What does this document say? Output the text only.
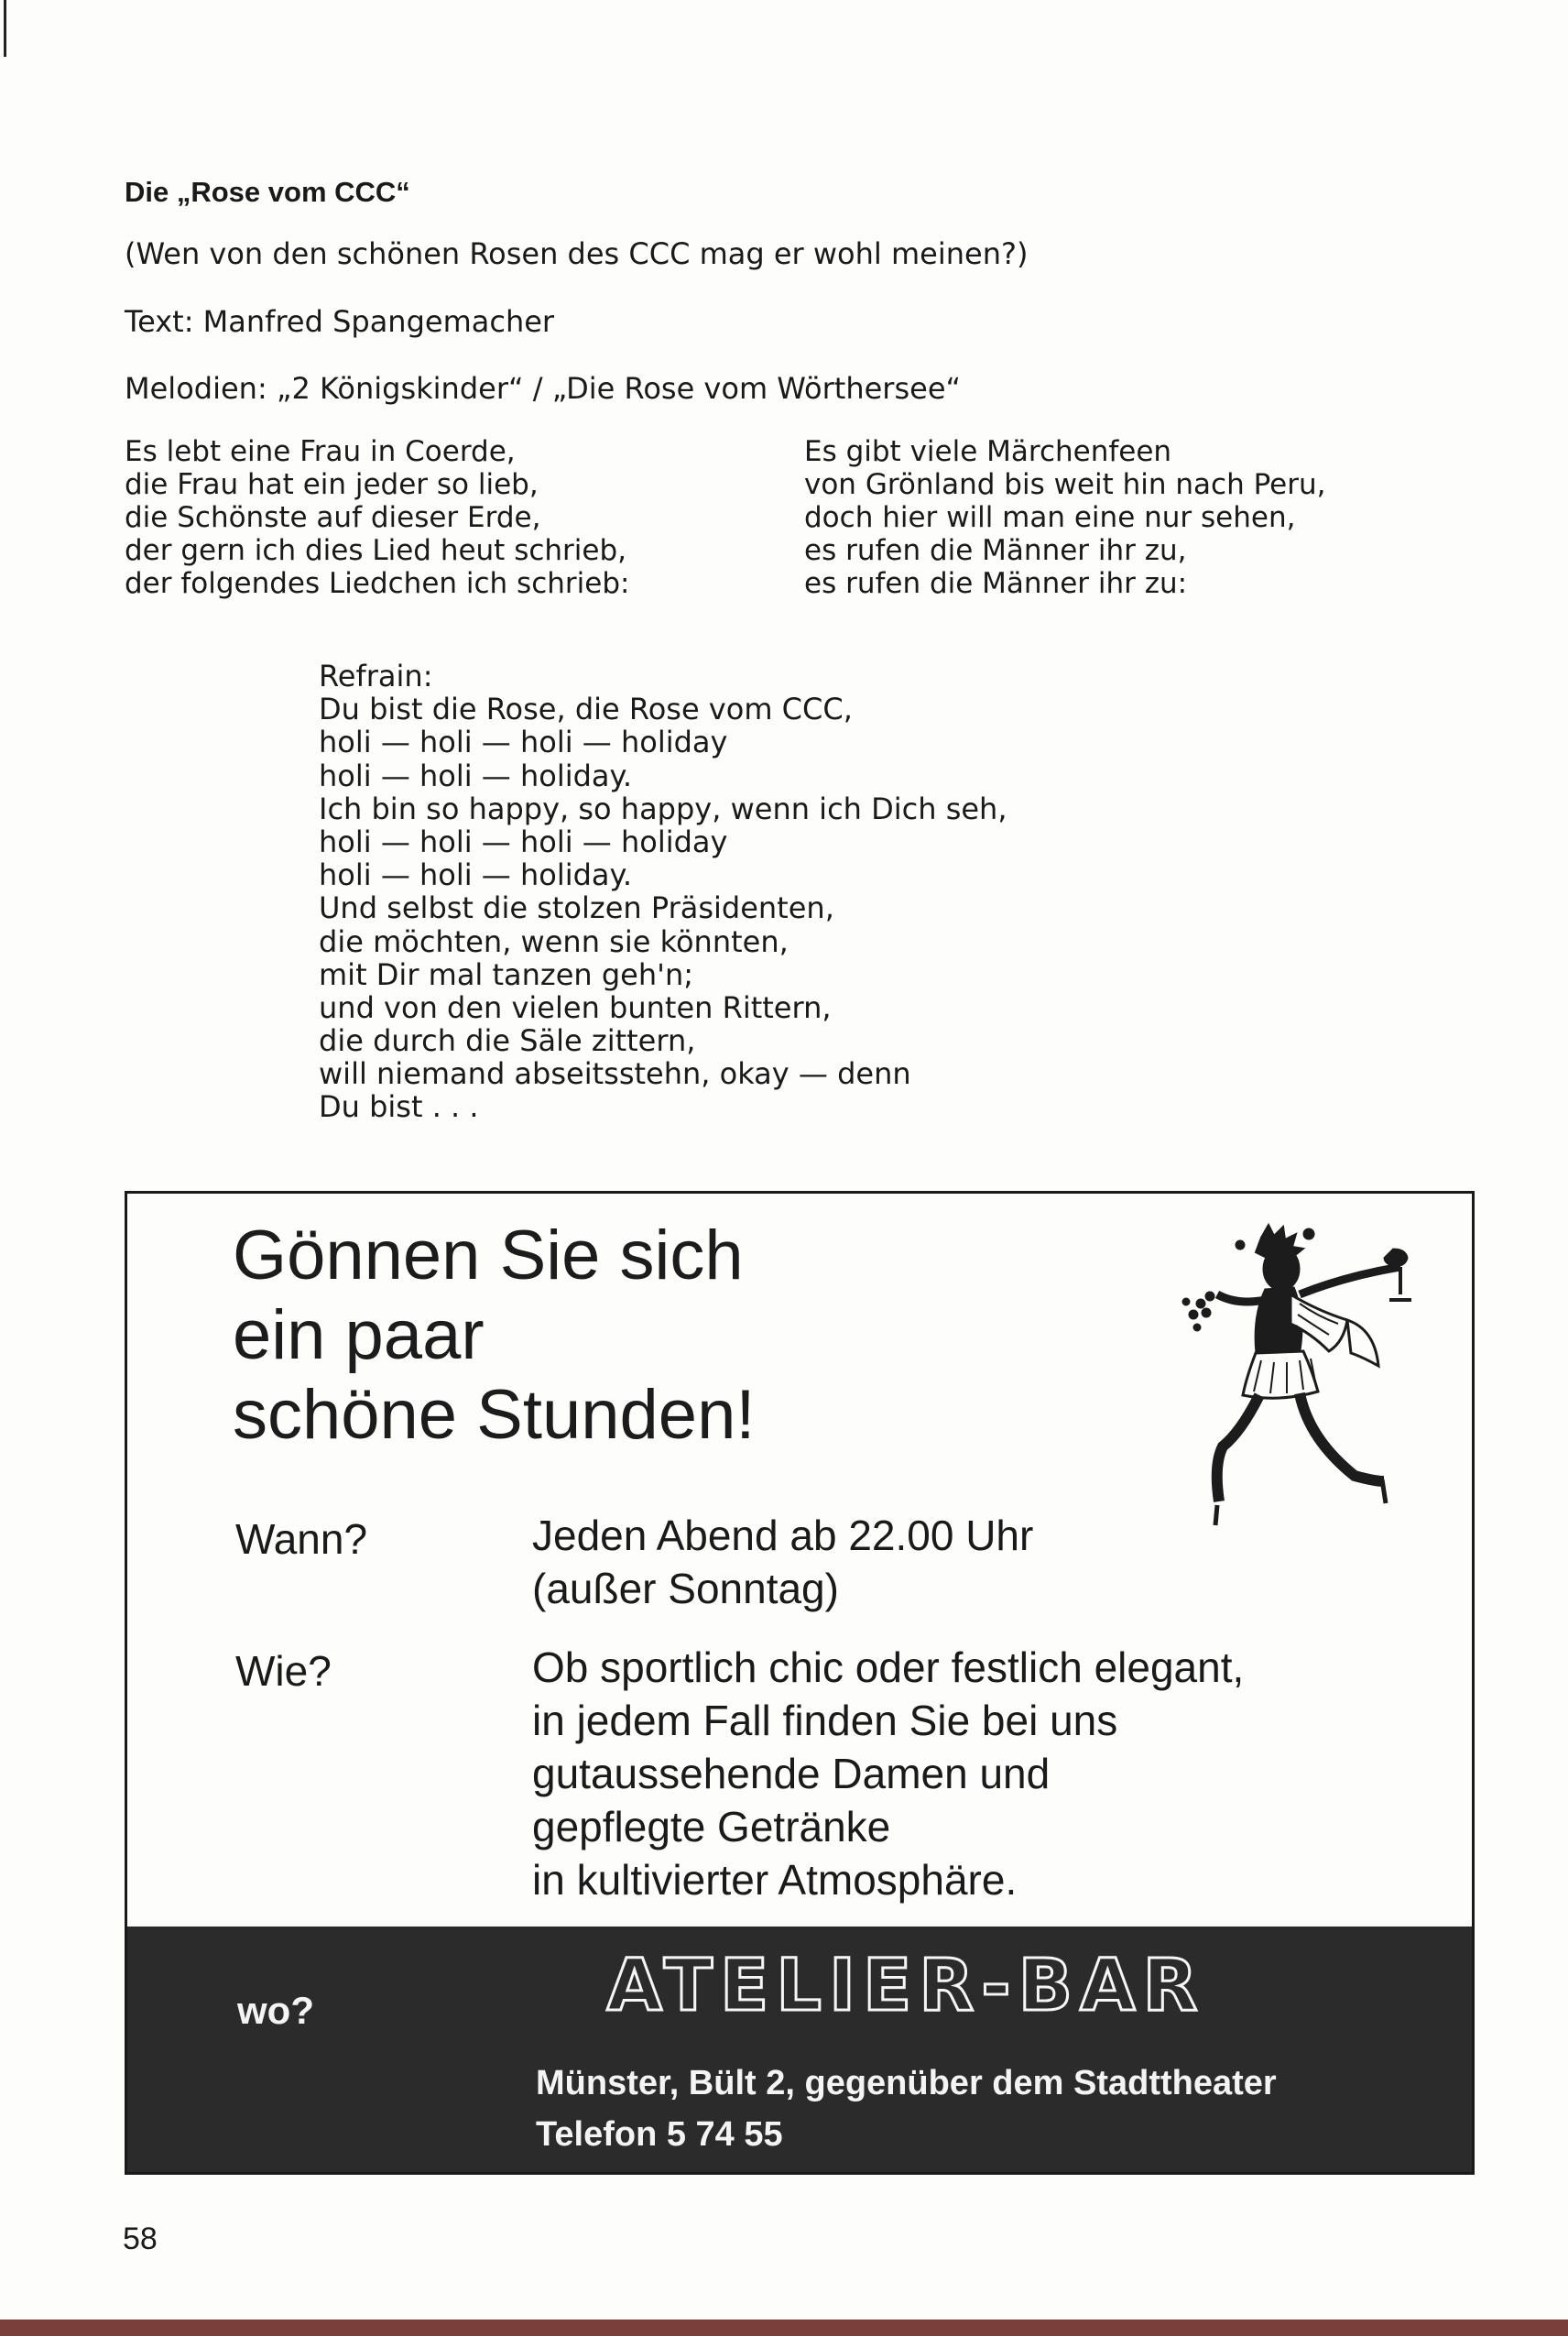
Die „Rose vom CCC“
(Wen von den schönen Rosen des CCC mag er wohl meinen?)
Text: Manfred Spangemacher
Melodien: „2 Königskinder“ / „Die Rose vom Wörthersee“
Es lebt eine Frau in Coerde,
die Frau hat ein jeder so lieb,
die Schönste auf dieser Erde,
der gern ich dies Lied heut schrieb,
der folgendes Liedchen ich schrieb:
Es gibt viele Märchenfeen
von Grönland bis weit hin nach Peru,
doch hier will man eine nur sehen,
es rufen die Männer ihr zu,
es rufen die Männer ihr zu:
Refrain:
Du bist die Rose, die Rose vom CCC,
holi — holi — holi — holiday
holi — holi — holiday.
Ich bin so happy, so happy, wenn ich Dich seh,
holi — holi — holi — holiday
holi — holi — holiday.
Und selbst die stolzen Präsidenten,
die möchten, wenn sie könnten,
mit Dir mal tanzen geh'n;
und von den vielen bunten Rittern,
die durch die Säle zittern,
will niemand abseitsstehn, okay — denn
Du bist . . .
Gönnen Sie sich
ein paar
schöne Stunden!
Wann?	Jeden Abend ab 22.00 Uhr
(außer Sonntag)
Wie?	Ob sportlich chic oder festlich elegant,
in jedem Fall finden Sie bei uns
gutaussehende Damen und
gepflegte Getränke
in kultivierter Atmosphäre.
wo?	ATELIER-BAR
Münster, Bült 2, gegenüber dem Stadttheater
Telefon 5 74 55
58
